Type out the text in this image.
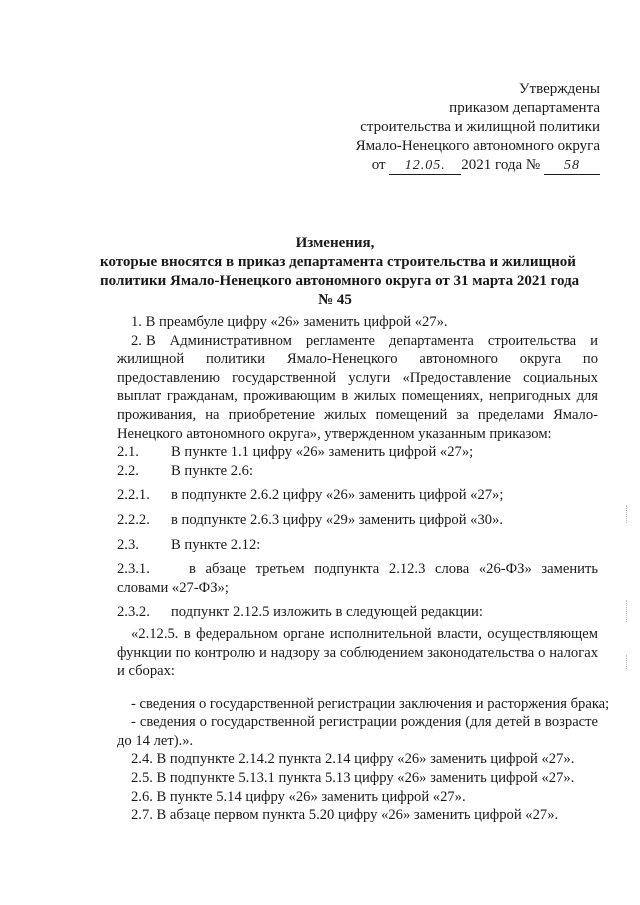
Утверждены
приказом департамента
строительства и жилищной политики
Ямало-Ненецкого автономного округа
от 12.05. 2021 года № 58
Изменения,
которые вносятся в приказ департамента строительства и жилищной
политики Ямало-Ненецкого автономного округа от 31 марта 2021 года
№ 45

1. В преамбуле цифру «26» заменить цифрой «27».

2. В Административном регламенте департамента строительства и

жилищной политики Ямало-Ненецкого автономного округа по предоставлению государственной услуги «Предоставление социальных выплат гражданам, проживающим в жилых помещениях, непригодных для проживания, на приобретение жилых помещений за пределами Ямало-Ненецкого автономного округа», утвержденном указанным приказом:

2.1.	В пункте 1.1 цифру «26» заменить цифрой «27»;
2.2.	В пункте 2.6:
2.2.1.	в подпункте 2.6.2 цифру «26» заменить цифрой «27»;
2.2.2.	в подпункте 2.6.3 цифру «29» заменить цифрой «30».
2.3.	В пункте 2.12:
2.3.1.	в абзаце третьем подпункта 2.12.3 слова «26-ФЗ» заменить

словами «27-ФЗ»;

2.3.2.	подпункт 2.12.5 изложить в следующей редакции:

«2.12.5. в федеральном органе исполнительной власти, осуществляющем функции по контролю и надзору за соблюдением законодательства о налогах и сборах:

- сведения о государственной регистрации заключения и расторжения брака;

- сведения о государственной регистрации рождения (для детей в возрасте до 14 лет).».

2.4. В подпункте 2.14.2 пункта 2.14 цифру «26» заменить цифрой «27».

2.5. В подпункте 5.13.1 пункта 5.13 цифру «26» заменить цифрой «27».

2.6. В пункте 5.14 цифру «26» заменить цифрой «27».

2.7. В абзаце первом пункта 5.20 цифру «26» заменить цифрой «27».
